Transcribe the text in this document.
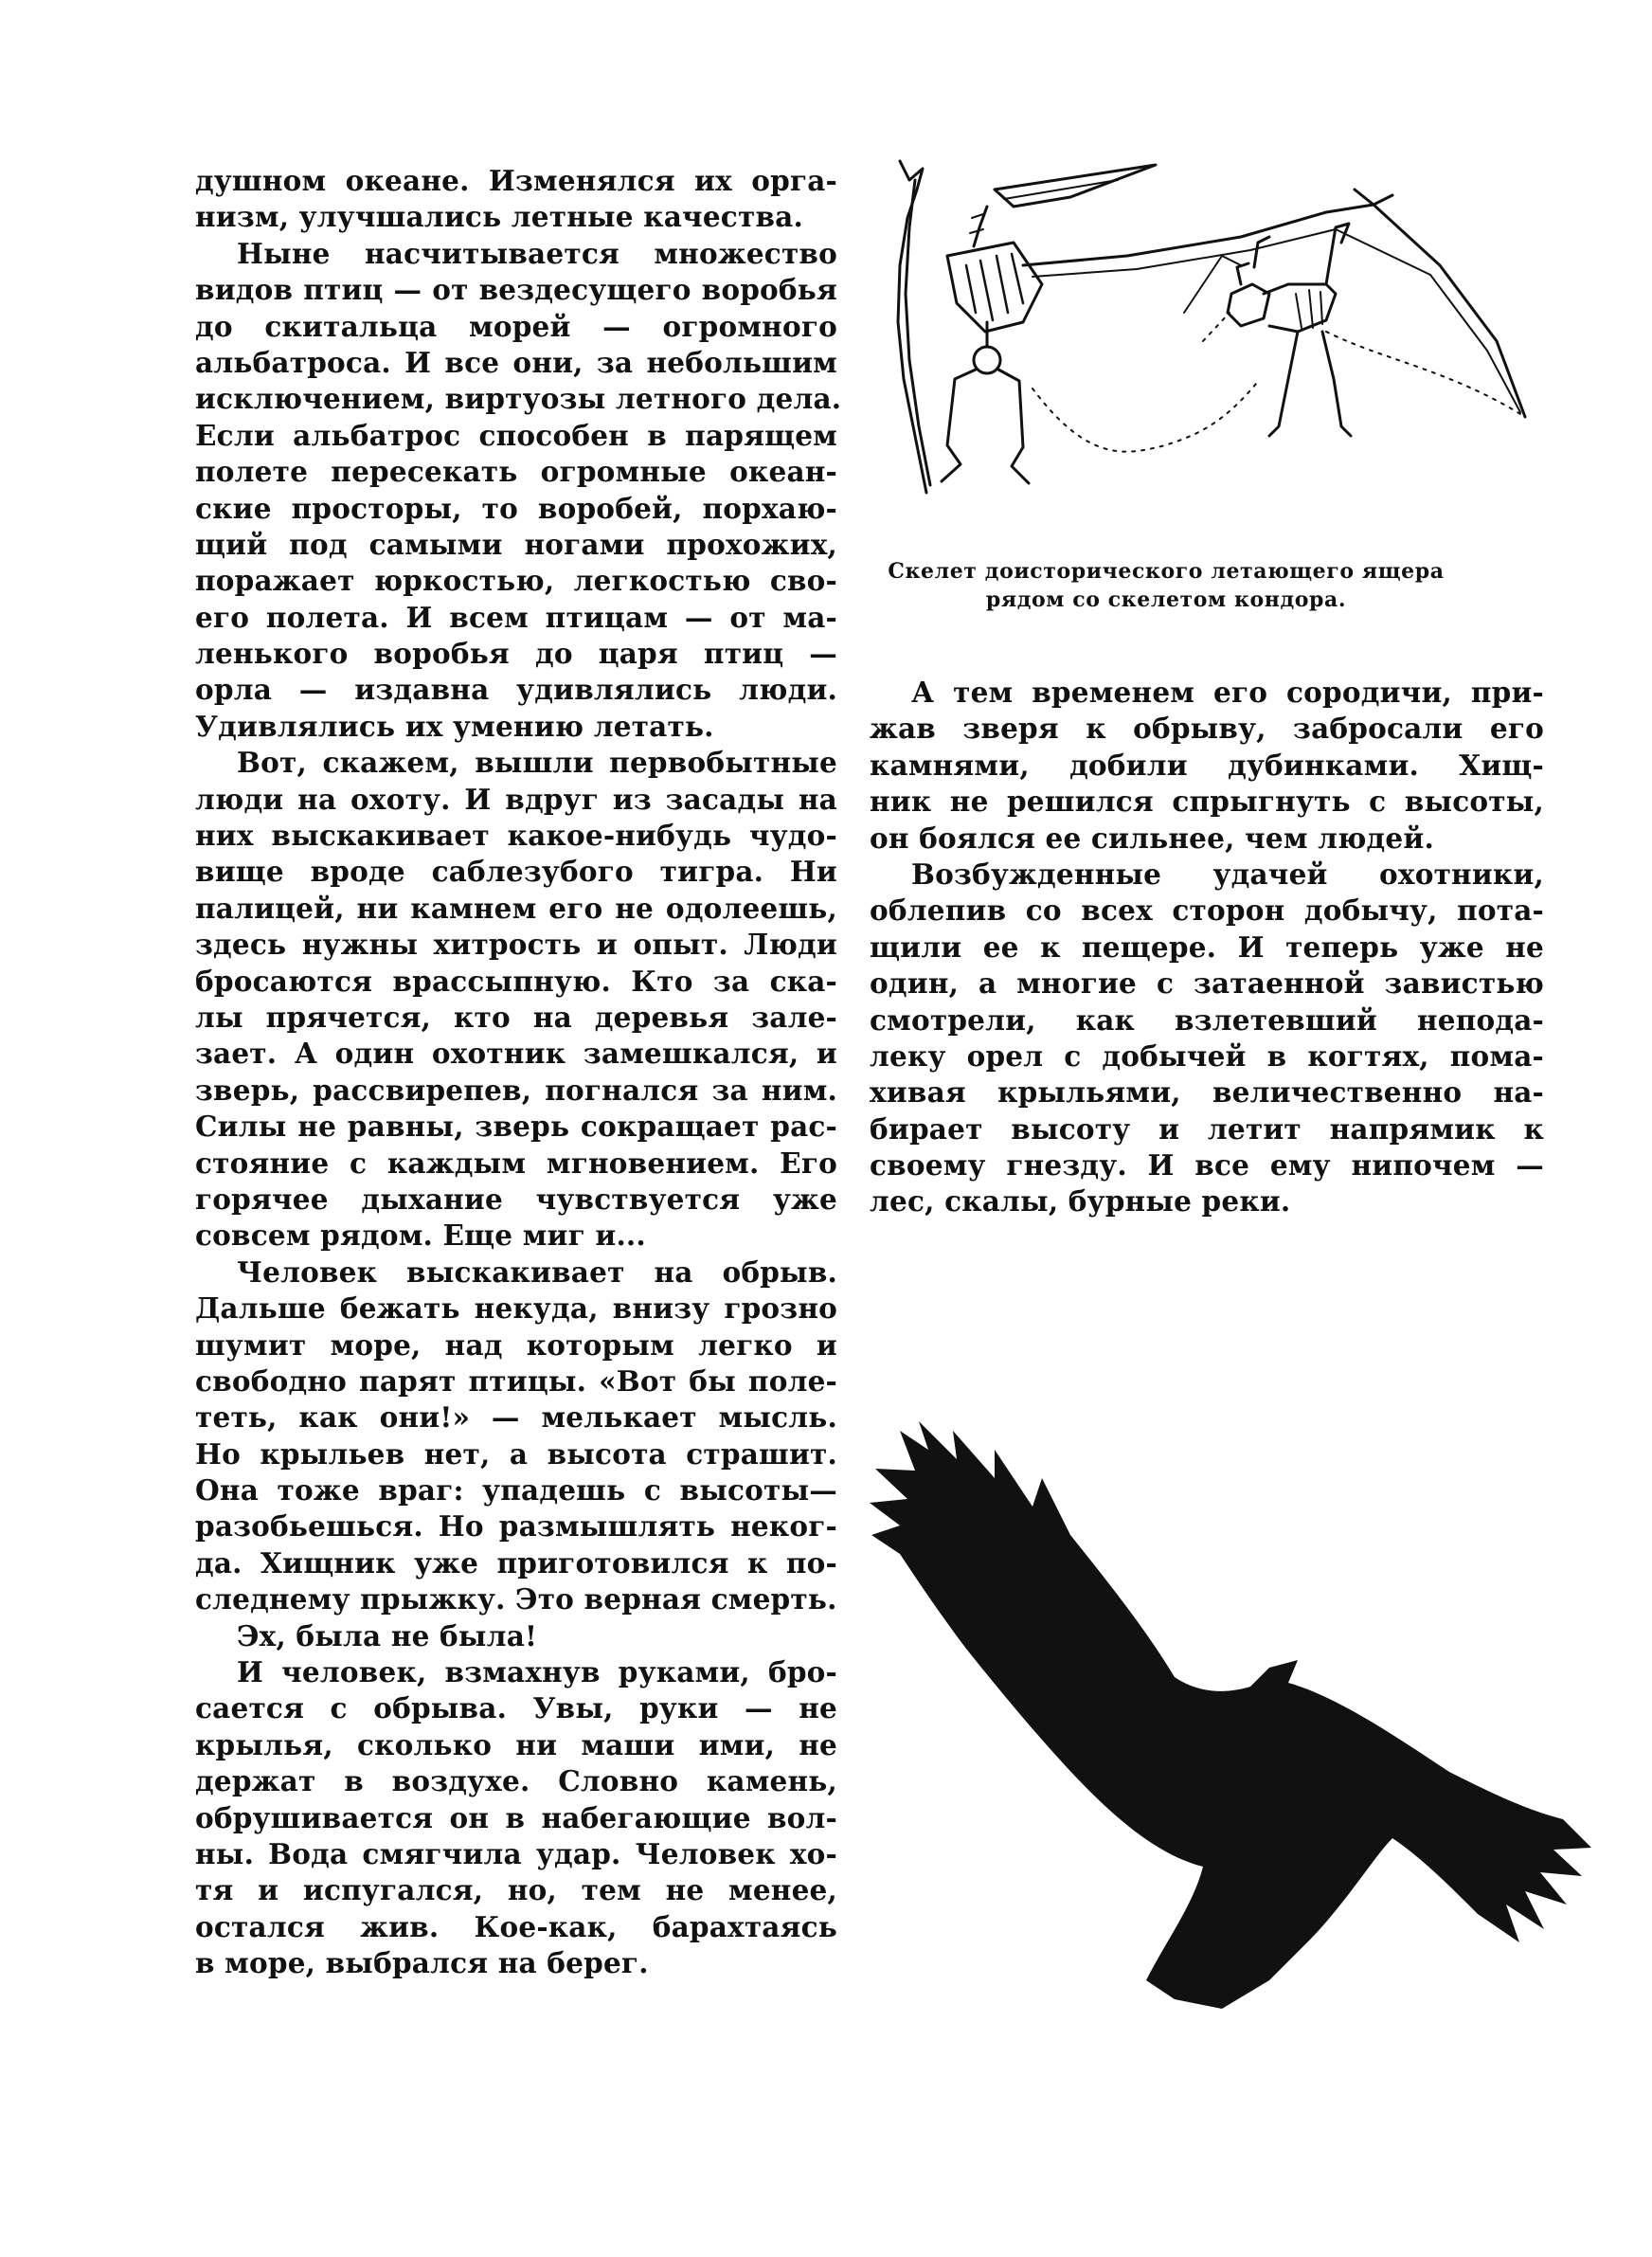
душном океане. Изменялся их орга-
низм, улучшались летные качества.
Ныне насчитывается множество
видов птиц — от вездесущего воробья
до скитальца морей — огромного
альбатроса. И все они, за небольшим
исключением, виртуозы летного дела.
Если альбатрос способен в парящем
полете пересекать огромные океан-
ские просторы, то воробей, порхаю-
щий под самыми ногами прохожих,
поражает юркостью, легкостью сво-
его полета. И всем птицам — от ма-
ленького воробья до царя птиц —
орла — издавна удивлялись люди.
Удивлялись их умению летать.
Вот, скажем, вышли первобытные
люди на охоту. И вдруг из засады на
них выскакивает какое-нибудь чудо-
вище вроде саблезубого тигра. Ни
палицей, ни камнем его не одолеешь,
здесь нужны хитрость и опыт. Люди
бросаются врассыпную. Кто за ска-
лы прячется, кто на деревья зале-
зает. А один охотник замешкался, и
зверь, рассвирепев, погнался за ним.
Силы не равны, зверь сокращает рас-
стояние с каждым мгновением. Его
горячее дыхание чувствуется уже
совсем рядом. Еще миг и...
Человек выскакивает на обрыв.
Дальше бежать некуда, внизу грозно
шумит море, над которым легко и
свободно парят птицы. «Вот бы поле-
теть, как они!» — мелькает мысль.
Но крыльев нет, а высота страшит.
Она тоже враг: упадешь с высоты—
разобьешься. Но размышлять неког-
да. Хищник уже приготовился к по-
следнему прыжку. Это верная смерть.
Эх, была не была!
И человек, взмахнув руками, бро-
сается с обрыва. Увы, руки — не
крылья, сколько ни маши ими, не
держат в воздухе. Словно камень,
обрушивается он в набегающие вол-
ны. Вода смягчила удар. Человек хо-
тя и испугался, но, тем не менее,
остался жив. Кое-как, барахтаясь
в море, выбрался на берег.
Скелет доисторического летающего ящера
рядом со скелетом кондора.
А тем временем его сородичи, при-
жав зверя к обрыву, забросали его
камнями, добили дубинками. Хищ-
ник не решился спрыгнуть с высоты,
он боялся ее сильнее, чем людей.
Возбужденные удачей охотники,
облепив со всех сторон добычу, пота-
щили ее к пещере. И теперь уже не
один, а многие с затаенной завистью
смотрели, как взлетевший непода-
леку орел с добычей в когтях, пома-
хивая крыльями, величественно на-
бирает высоту и летит напрямик к
своему гнезду. И все ему нипочем —
лес, скалы, бурные реки.
